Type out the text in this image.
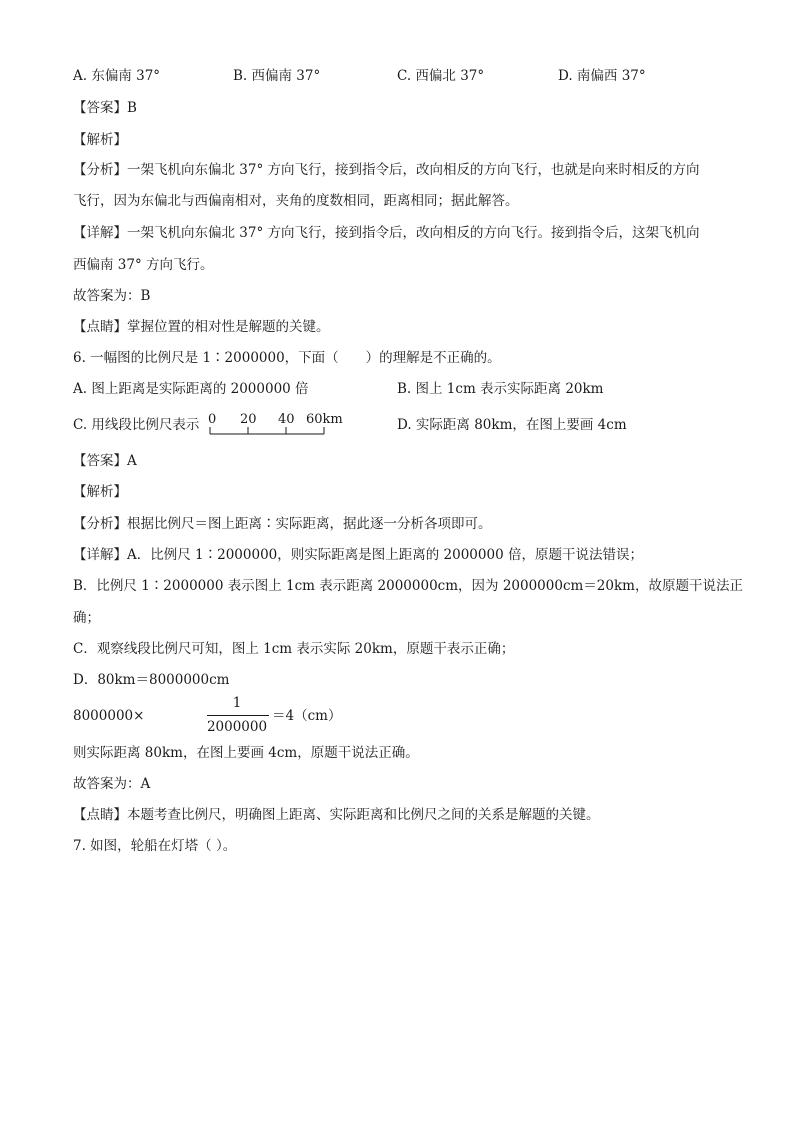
A. 东偏南 37°	B. 西偏南 37°	C. 西偏北 37°	D. 南偏西 37°
【答案】B
【解析】
【分析】一架飞机向东偏北 37° 方向飞行，接到指令后，改向相反的方向飞行，也就是向来时相反的方向
飞行，因为东偏北与西偏南相对，夹角的度数相同，距离相同；据此解答。
【详解】一架飞机向东偏北 37° 方向飞行，接到指令后，改向相反的方向飞行。接到指令后，这架飞机向
西偏南 37° 方向飞行。
故答案为：B
【点睛】掌握位置的相对性是解题的关键。
6. 一幅图的比例尺是 1∶2000000，下面（　　）的理解是不正确的。
A. 图上距离是实际距离的 2000000 倍	B. 图上 1cm 表示实际距离 20km
C. 用线段比例尺表示 0 20 40 60km	D. 实际距离 80km，在图上要画 4cm
【答案】A
【解析】
【分析】根据比例尺＝图上距离∶实际距离，据此逐一分析各项即可。
【详解】A．比例尺 1∶2000000，则实际距离是图上距离的 2000000 倍，原题干说法错误；
B．比例尺 1∶2000000 表示图上 1cm 表示距离 2000000cm，因为 2000000cm＝20km，故原题干说法正
确；
C．观察线段比例尺可知，图上 1cm 表示实际 20km，原题干表示正确；
D．80km＝8000000cm
8000000×
1
2000000
＝4（cm）
则实际距离 80km，在图上要画 4cm，原题干说法正确。
故答案为：A
【点睛】本题考查比例尺，明确图上距离、实际距离和比例尺之间的关系是解题的关键。
7. 如图，轮船在灯塔（ ）。
